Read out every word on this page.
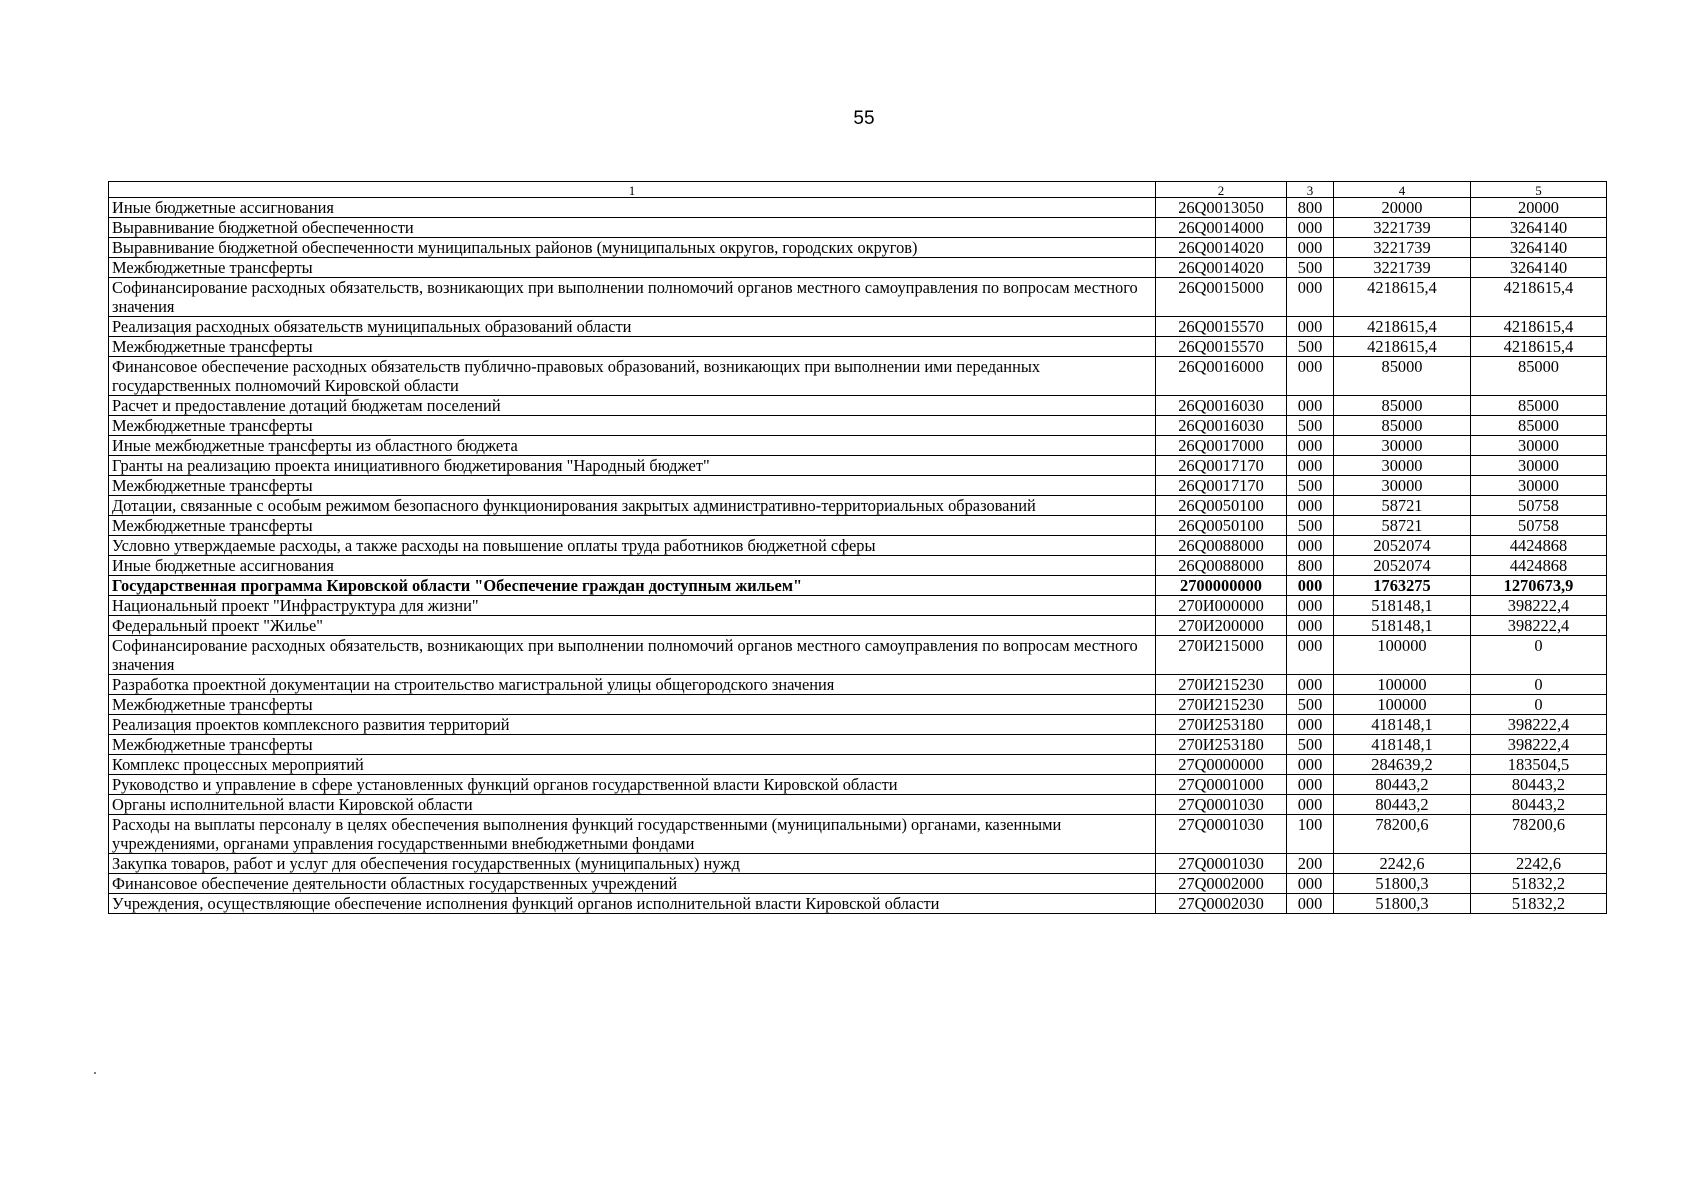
55
1	2	3	4	5
Иные бюджетные ассигнования	26Q0013050	800	20000	20000
Выравнивание бюджетной обеспеченности	26Q0014000	000	3221739	3264140
Выравнивание бюджетной обеспеченности муниципальных районов (муниципальных округов, городских округов)	26Q0014020	000	3221739	3264140
Межбюджетные трансферты	26Q0014020	500	3221739	3264140
Софинансирование расходных обязательств, возникающих при выполнении полномочий органов местного самоуправления по вопросам местного значения	26Q0015000	000	4218615,4	4218615,4
Реализация расходных обязательств муниципальных образований области	26Q0015570	000	4218615,4	4218615,4
Межбюджетные трансферты	26Q0015570	500	4218615,4	4218615,4
Финансовое обеспечение расходных обязательств публично-правовых образований, возникающих при выполнении ими переданных государственных полномочий Кировской области	26Q0016000	000	85000	85000
Расчет и предоставление дотаций бюджетам поселений	26Q0016030	000	85000	85000
Межбюджетные трансферты	26Q0016030	500	85000	85000
Иные межбюджетные трансферты из областного бюджета	26Q0017000	000	30000	30000
Гранты на реализацию проекта инициативного бюджетирования "Народный бюджет"	26Q0017170	000	30000	30000
Межбюджетные трансферты	26Q0017170	500	30000	30000
Дотации, связанные с особым режимом безопасного функционирования закрытых административно-территориальных образований	26Q0050100	000	58721	50758
Межбюджетные трансферты	26Q0050100	500	58721	50758
Условно утверждаемые расходы, а также расходы на повышение оплаты труда работников бюджетной сферы	26Q0088000	000	2052074	4424868
Иные бюджетные ассигнования	26Q0088000	800	2052074	4424868
Государственная программа Кировской области "Обеспечение граждан доступным жильем"	2700000000	000	1763275	1270673,9
Национальный проект "Инфраструктура для жизни"	270И000000	000	518148,1	398222,4
Федеральный проект "Жилье"	270И200000	000	518148,1	398222,4
Софинансирование расходных обязательств, возникающих при выполнении полномочий органов местного самоуправления по вопросам местного значения	270И215000	000	100000	0
Разработка проектной документации на строительство магистральной улицы общегородского значения	270И215230	000	100000	0
Межбюджетные трансферты	270И215230	500	100000	0
Реализация проектов комплексного развития территорий	270И253180	000	418148,1	398222,4
Межбюджетные трансферты	270И253180	500	418148,1	398222,4
Комплекс процессных мероприятий	27Q0000000	000	284639,2	183504,5
Руководство и управление в сфере установленных функций органов государственной власти Кировской области	27Q0001000	000	80443,2	80443,2
Органы исполнительной власти Кировской области	27Q0001030	000	80443,2	80443,2
Расходы на выплаты персоналу в целях обеспечения выполнения функций государственными (муниципальными) органами, казенными учреждениями, органами управления государственными внебюджетными фондами	27Q0001030	100	78200,6	78200,6
Закупка товаров, работ и услуг для обеспечения государственных (муниципальных) нужд	27Q0001030	200	2242,6	2242,6
Финансовое обеспечение деятельности областных государственных учреждений	27Q0002000	000	51800,3	51832,2
Учреждения, осуществляющие обеспечение исполнения функций органов исполнительной власти Кировской области	27Q0002030	000	51800,3	51832,2
